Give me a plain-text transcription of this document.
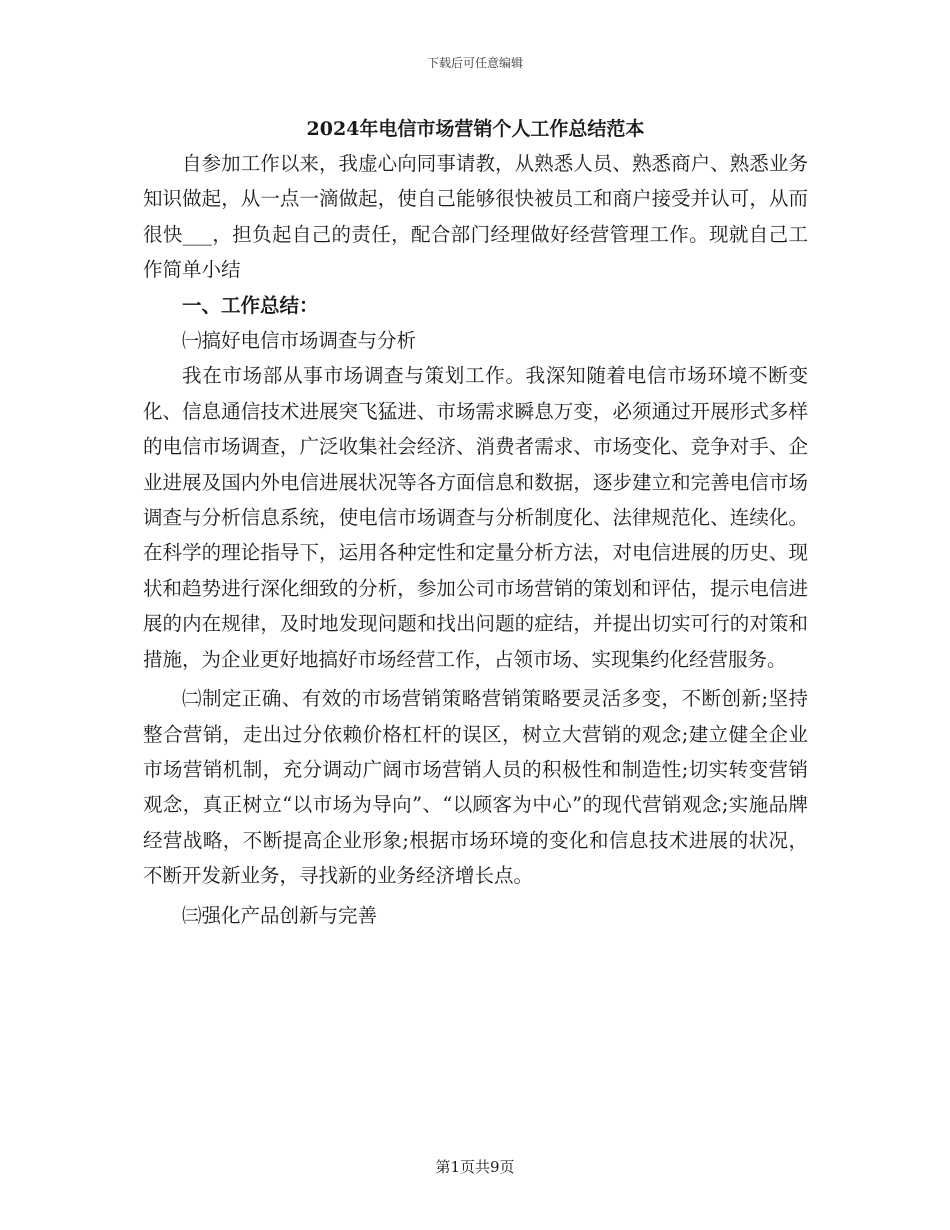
下载后可任意编辑
2024年电信市场营销个人工作总结范本

自参加工作以来，我虚心向同事请教，从熟悉人员、熟悉商户、熟悉业务知识做起，从一点一滴做起，使自己能够很快被员工和商户接受并认可，从而很快___，担负起自己的责任，配合部门经理做好经营管理工作。现就自己工作简单小结

一、工作总结：

㈠搞好电信市场调查与分析

我在市场部从事市场调查与策划工作。我深知随着电信市场环境不断变化、信息通信技术进展突飞猛进、市场需求瞬息万变，必须通过开展形式多样的电信市场调查，广泛收集社会经济、消费者需求、市场变化、竞争对手、企业进展及国内外电信进展状况等各方面信息和数据，逐步建立和完善电信市场调查与分析信息系统，使电信市场调查与分析制度化、法律规范化、连续化。在科学的理论指导下，运用各种定性和定量分析方法，对电信进展的历史、现状和趋势进行深化细致的分析，参加公司市场营销的策划和评估，提示电信进展的内在规律，及时地发现问题和找出问题的症结，并提出切实可行的对策和措施，为企业更好地搞好市场经营工作，占领市场、实现集约化经营服务。

㈡制定正确、有效的市场营销策略营销策略要灵活多变，不断创新;坚持整合营销，走出过分依赖价格杠杆的误区，树立大营销的观念;建立健全企业市场营销机制，充分调动广阔市场营销人员的积极性和制造性;切实转变营销观念，真正树立“以市场为导向”、“以顾客为中心”的现代营销观念;实施品牌经营战略，不断提高企业形象;根据市场环境的变化和信息技术进展的状况，不断开发新业务，寻找新的业务经济增长点。

㈢强化产品创新与完善

第1页共9页
